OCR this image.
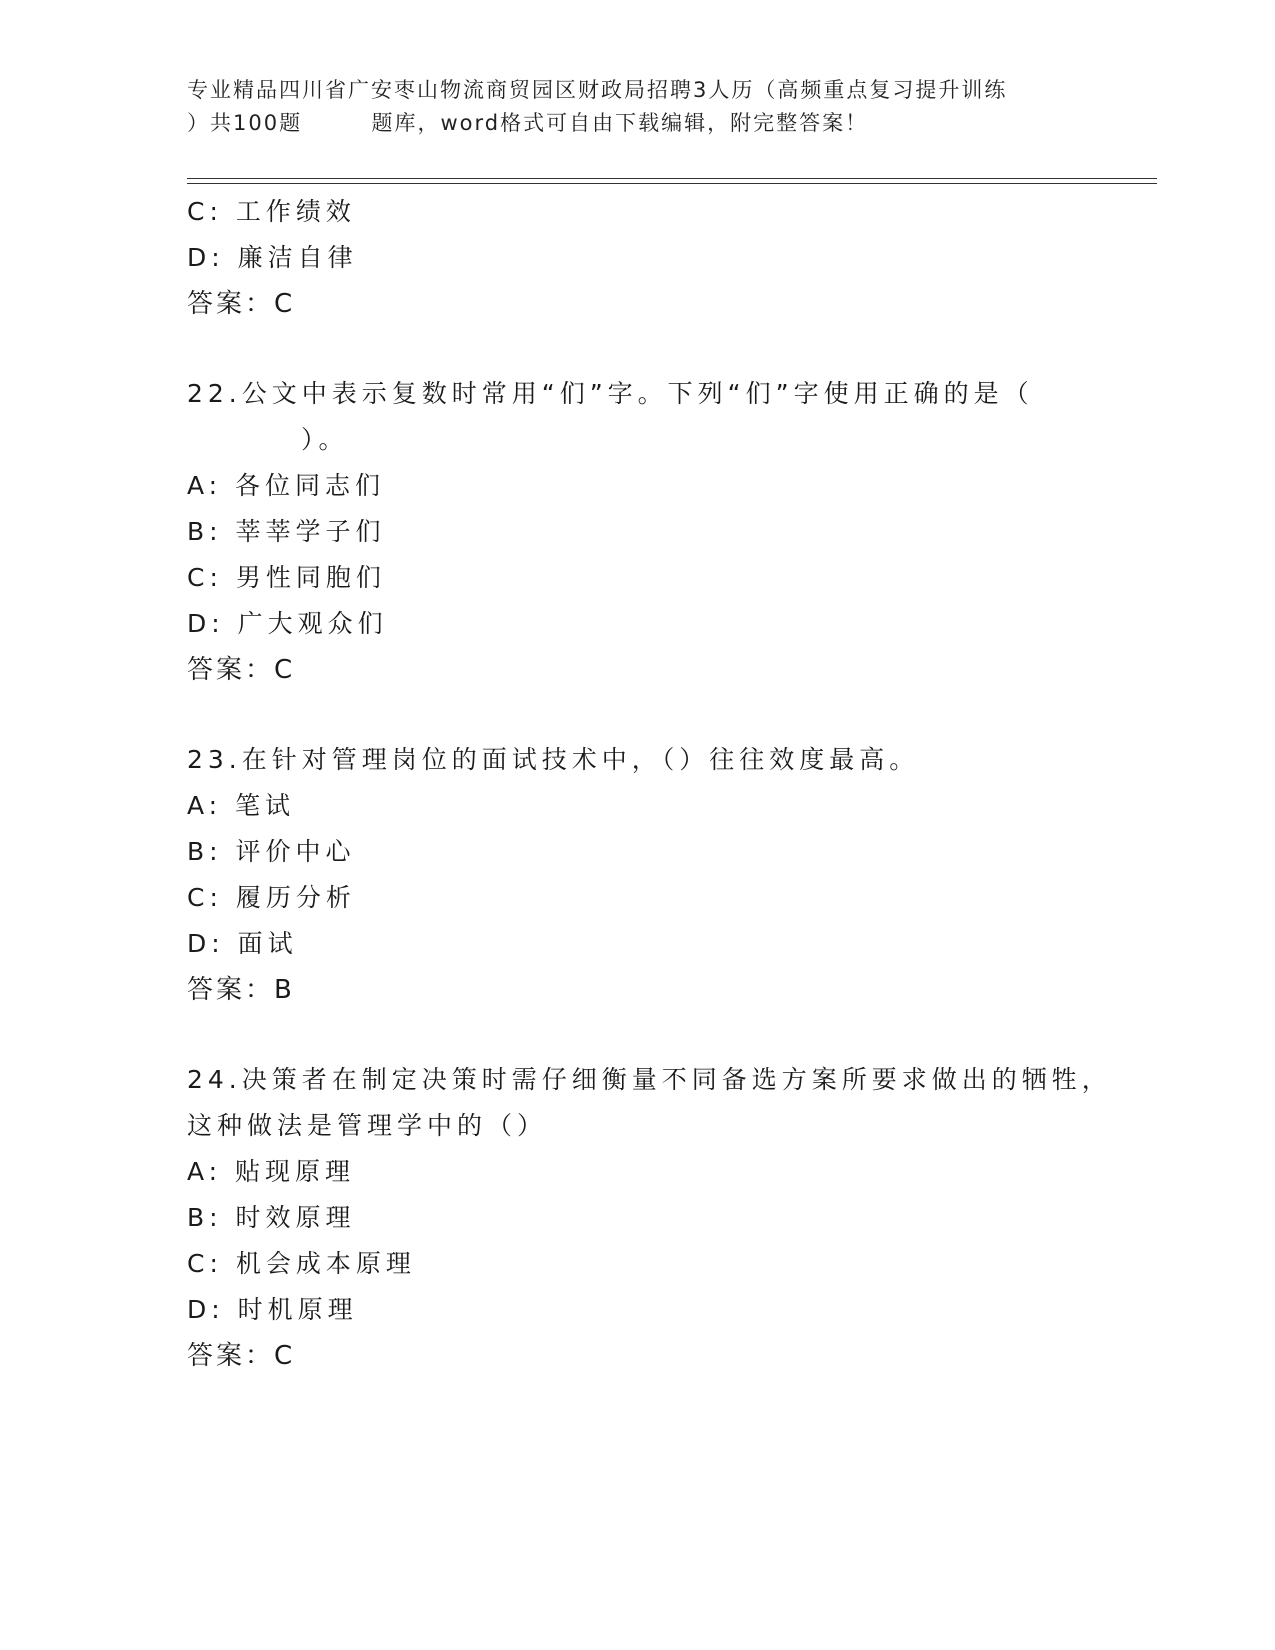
专业精品四川省广安枣山物流商贸园区财政局招聘3人历（高频重点复习提升训练
）共100题        题库，word格式可自由下载编辑，附完整答案！
C: 工作绩效
D: 廉洁自律
答案：C
22.公文中表示复数时常用“们”字。下列“们”字使用正确的是（
）。
A: 各位同志们
B: 莘莘学子们
C: 男性同胞们
D: 广大观众们
答案：C
23.在针对管理岗位的面试技术中，（）往往效度最高。
A: 笔试
B: 评价中心
C: 履历分析
D: 面试
答案：B
24.决策者在制定决策时需仔细衡量不同备选方案所要求做出的牺牲，
这种做法是管理学中的（）
A: 贴现原理
B: 时效原理
C: 机会成本原理
D: 时机原理
答案：C
